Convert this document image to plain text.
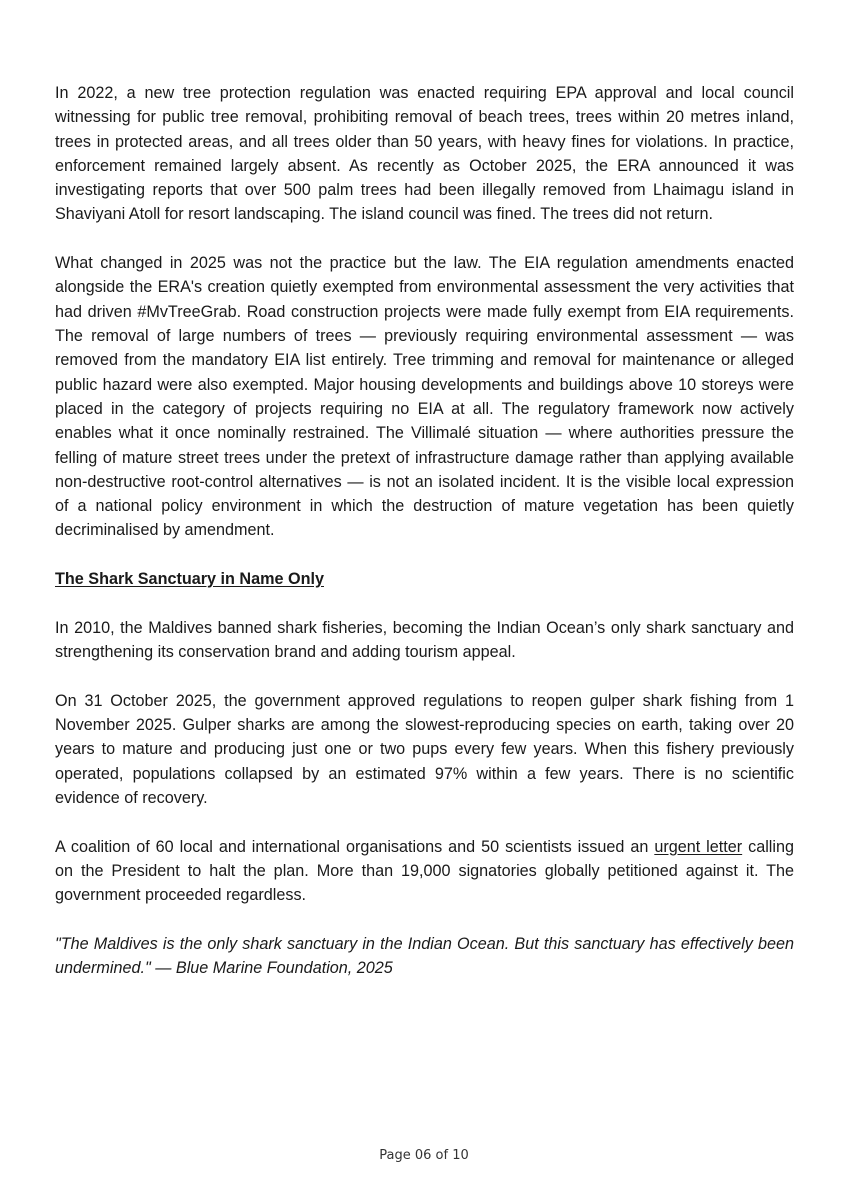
In 2022, a new tree protection regulation was enacted requiring EPA approval and local council witnessing for public tree removal, prohibiting removal of beach trees, trees within 20 metres inland, trees in protected areas, and all trees older than 50 years, with heavy fines for violations. In practice, enforcement remained largely absent. As recently as October 2025, the ERA announced it was investigating reports that over 500 palm trees had been illegally removed from Lhaimagu island in Shaviyani Atoll for resort landscaping. The island council was fined. The trees did not return.

What changed in 2025 was not the practice but the law. The EIA regulation amendments enacted alongside the ERA's creation quietly exempted from environmental assessment the very activities that had driven #MvTreeGrab. Road construction projects were made fully exempt from EIA requirements. The removal of large numbers of trees — previously requiring environmental assessment — was removed from the mandatory EIA list entirely. Tree trimming and removal for maintenance or alleged public hazard were also exempted. Major housing developments and buildings above 10 storeys were placed in the category of projects requiring no EIA at all. The regulatory framework now actively enables what it once nominally restrained. The Villimalé situation — where authorities pressure the felling of mature street trees under the pretext of infrastructure damage rather than applying available non-destructive root-control alternatives — is not an isolated incident. It is the visible local expression of a national policy environment in which the destruction of mature vegetation has been quietly decriminalised by amendment.

The Shark Sanctuary in Name Only

In 2010, the Maldives banned shark fisheries, becoming the Indian Ocean’s only shark sanctuary and strengthening its conservation brand and adding tourism appeal.

On 31 October 2025, the government approved regulations to reopen gulper shark fishing from 1 November 2025. Gulper sharks are among the slowest-reproducing species on earth, taking over 20 years to mature and producing just one or two pups every few years. When this fishery previously operated, populations collapsed by an estimated 97% within a few years. There is no scientific evidence of recovery.

A coalition of 60 local and international organisations and 50 scientists issued an urgent letter calling on the President to halt the plan. More than 19,000 signatories globally petitioned against it. The government proceeded regardless.

"The Maldives is the only shark sanctuary in the Indian Ocean. But this sanctuary has effectively been undermined." — Blue Marine Foundation, 2025

Page 06 of 10
